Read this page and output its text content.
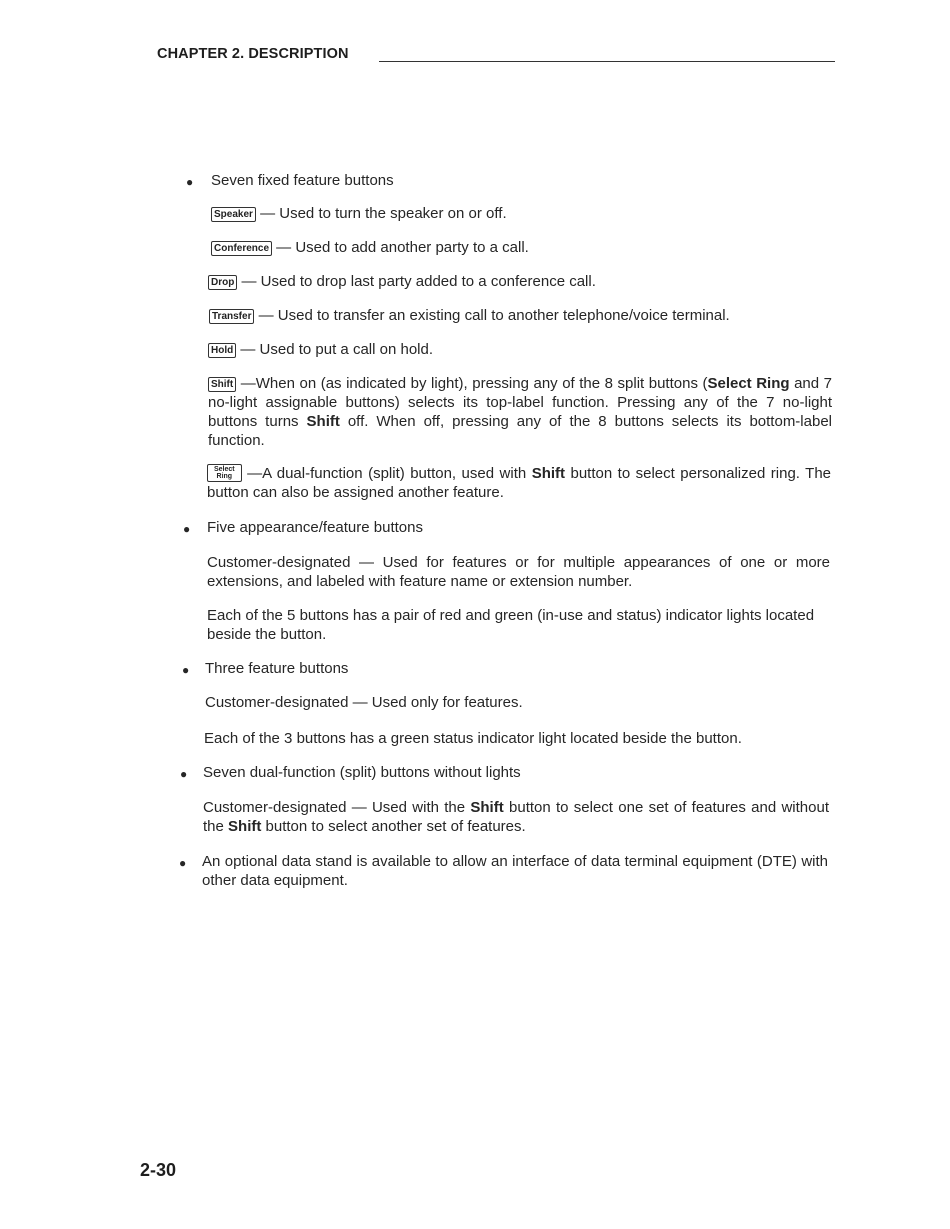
CHAPTER 2. DESCRIPTION
● Seven fixed feature buttons
Speaker — Used to turn the speaker on or off.
Conference — Used to add another party to a call.
Drop — Used to drop last party added to a conference call.
Transfer — Used to transfer an existing call to another telephone/voice terminal.
Hold — Used to put a call on hold.
Shift —When on (as indicated by light), pressing any of the 8 split buttons (Select Ring and 7 no-light assignable buttons) selects its top-label function. Pressing any of the 7 no-light buttons turns Shift off. When off, pressing any of the 8 buttons selects its bottom-label function.
Select
Ring —A dual-function (split) button, used with Shift button to select personalized ring. The button can also be assigned another feature.
● Five appearance/feature buttons
Customer-designated — Used for features or for multiple appearances of one or more extensions, and labeled with feature name or extension number.
Each of the 5 buttons has a pair of red and green (in-use and status) indicator lights located beside the button.
● Three feature buttons
Customer-designated — Used only for features.
Each of the 3 buttons has a green status indicator light located beside the button.
● Seven dual-function (split) buttons without lights
Customer-designated — Used with the Shift button to select one set of features and without the Shift button to select another set of features.
● An optional data stand is available to allow an interface of data terminal equipment (DTE) with other data equipment.
2-30
